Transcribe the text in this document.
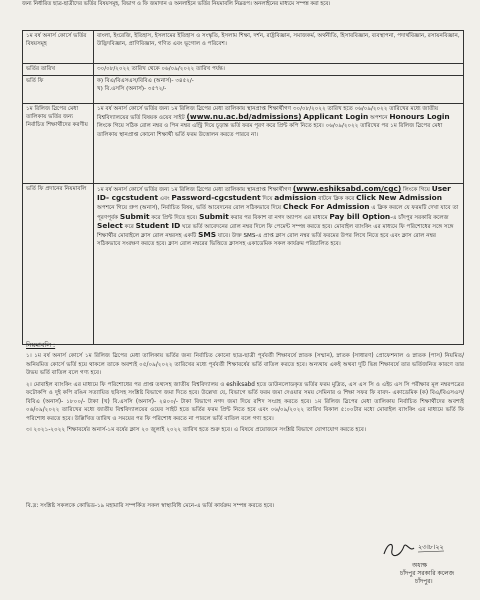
জন্য নির্ধারিত ছাত্র-ছাত্রীদের ভর্তির বিষয়সমূহ, বিভাগ ও ফি জমাদান ও অনলাইনে ভর্তির নিয়মাবলি নিম্নরূপ। অনলাইনের মাধ্যমে সম্পন্ন করা হবে।
১ম বর্ষ অনার্স কোর্সে ভর্তির বিষয়সমূহ	বাংলা, ইংরেজি, ইতিহাস, ইসলামের ইতিহাস ও সংস্কৃতি, ইসলাম শিক্ষা, দর্শন, রাষ্ট্রবিজ্ঞান, সমাজকর্ম, অর্থনীতি, হিসাববিজ্ঞান, ব্যবস্থাপনা, পদার্থবিজ্ঞান, রসায়নবিজ্ঞান, উদ্ভিদবিজ্ঞান, প্রাণিবিজ্ঞান, গণিত এবং ভূগোল ও পরিবেশ।
ভর্তির তারিখ	৩০/০৮/২০২২ তারিখ থেকে ০৬/০৯/২০২২ তারিখ পর্যন্ত।
ভর্তি ফি	ক) বিএ/বিএসএস/বিবিএ (অনার্স)- ৩৪৫২/-
খ) বি.এসসি (অনার্স)- ৩৫৭২/-

১ম রিলিজ স্লিপের মেধা তালিকায় ভর্তির জন্য নির্বাচিত শিক্ষার্থীদের করণীয়	১ম বর্ষ অনার্স কোর্সে ভর্তির জন্য ১ম রিলিজ স্লিপের মেধা তালিকায় স্থানপ্রাপ্ত শিক্ষার্থীগণ ৩০/০৮/২০২২ তারিখ হতে ০৬/০৯/২০২২ তারিখের মধ্যে জাতীয় বিশ্ববিদ্যালয়ের ভর্তি বিষয়ক ওয়েব সাইট (www.nu.ac.bd/admissions) Applicant Login অপশনে Honours Login লিংকে গিয়ে সঠিক রোল নম্বর ও পিন নম্বর এন্ট্রি দিয়ে চূড়ান্ত ভর্তি ফরম পূরণ করে প্রিন্ট কপি নিতে হবে। ০৬/০৯/২০২২ তারিখের পর ১ম রিলিজ স্লিপের মেধা তালিকায় স্থানপ্রাপ্ত কোনো শিক্ষার্থী ভর্তি ফরম উত্তোলন করতে পারবে না।
ভর্তি ফি প্রদানের নিয়মাবলি	১ম বর্ষ অনার্স কোর্সে ভর্তির জন্য ১ম রিলিজ স্লিপের মেধা তালিকায় স্থানপ্রাপ্ত শিক্ষার্থীগণ (www.eshiksabd.com/cgc) লিংকে গিয়ে User ID- cgcstudent এবং Password-cgcstudent দিয়ে admission বাটনে ক্লিক করে Click New Admission অপশনে গিয়ে গ্রুপ (অনার্স), নির্বাচিত বিষয়, ভর্তি আবেদনের রোল সঠিকভাবে দিয়ে Check For Admission এ ক্লিক করলে যে ফরমটি দেখা যাবে তা পূরণপূর্বক Submit করে প্রিন্ট দিতে হবে। Submit করার পর বিকাশ বা নগদ অ্যাপস এর মাধ্যমে Pay bill Option-এ চাঁদপুর সরকারি কলেজ Select করে Student ID ঘরে ভর্তি আবেদনের রোল নম্বর দিলে ফি পেমেন্ট সম্পন্ন করতে হবে। মোবাইল ব্যাংকিং এর মাধ্যমে ফি পরিশোধের সঙ্গে সঙ্গে শিক্ষার্থীর মোবাইলে ক্লাস রোল নম্বরসহ একটি SMS যাবে। উক্ত SMS-এ প্রাপ্ত ক্লাস রোল নম্বর ভর্তি ফরমের উপর লিখে নিতে হবে এবং ক্লাস রোল নম্বর সঠিকভাবে সংরক্ষণ করতে হবে। ক্লাস রোল নম্বরের ভিত্তিতে ক্লাসসহ একাডেমিক সকল কার্যক্রম পরিচালিত হবে।
নিয়মাবলি :

১। ১ম বর্ষ অনার্স কোর্সে ১ম রিলিজ স্লিপের মেধা তালিকায় ভর্তির জন্য নির্বাচিত কোনো ছাত্র-ছাত্রী পূর্ববর্তী শিক্ষাবর্ষে স্নাতক (সম্মান), স্নাতক (সাধারণ) প্রোফেশনাল ও স্নাতক (পাস) নিয়মিত/অনিয়মিত কোর্সে ভর্তি হয়ে থাকলে তাকে অবশ্যই ০৫/০৯/২০২২ তারিখের মধ্যে পূর্ববর্তী শিক্ষাবর্ষের ভর্তি বাতিল করতে হবে। অন্যথায় একই অথবা দুটি ভিন্ন শিক্ষাবর্ষে তার ভর্তিজনিত কারণে তার উভয় ভর্তি বাতিল বলে গণ্য হবে।

২। মোবাইল ব্যাংকিং এর মাধ্যমে ফি পরিশোধের পর প্রাপ্ত তথ্যসহ জাতীয় বিশ্ববিদ্যালয় ও eshiksabd হতে ডাউনলোডকৃত ভর্তির ফরম মুদ্রিত, এস এস সি ও এইচ এস সি পরীক্ষার মূল নম্বরপত্রের ফটোকপি ও দুই কপি রঙিন সত্যায়িত ছবিসহ সংশ্লিষ্ট বিভাগে জমা দিতে হবে। উল্লেখ্য যে, বিভাগে ভর্তি ফরম জমা দেওয়ার সময় সেমিনার ও শিক্ষা সফর ফি বাবদ- একাডেমিক (ক) বিএ/বিএসএস/বিবিএ (অনার্স)- ১৮০০/- টাকা (খ) বি.এসসি (অনার্স)- ২৪০০/- টাকা বিভাগে নগদ জমা দিয়ে রশিদ সংগ্রহ করতে হবে। ১ম রিলিজ স্লিপের মেধা তালিকায় নির্বাচিত শিক্ষার্থীদের অবশ্যই ০৬/০৯/২০২২ তারিখের মধ্যে জাতীয় বিশ্ববিদ্যালয়ের ওয়েব সাইট হতে ভর্তির ফরম প্রিন্ট নিতে হবে এবং ০৬/০৯/২০২২ তারিখ বিকাল ৫:০০টার মধ্যে মোবাইল ব্যাংকিং এর মাধ্যমে ভর্তি ফি পরিশোধ করতে হবে। উল্লিখিত তারিখ ও সময়ের পর ফি পরিশোধ করতে না পারলে ভর্তি বাতিল বলে গণ্য হবে।

৩। ২০২১-২০২২ শিক্ষাবর্ষের অনার্স-১ম বর্ষের ক্লাস ২০ জুলাই ২০২২ তারিখ হতে শুরু হবে। এ বিষয়ে প্রয়োজনে সংশ্লিষ্ট বিভাগে যোগাযোগ করতে হবে।

বি.দ্র: সংশ্লিষ্ট সকলকে কোভিড-১৯ মহামারি সম্পর্কিত সকল স্বাস্থ্যবিধি মেনে-এ ভর্তি কার্যক্রম সম্পন্ন করতে হবে।
২৩।৮।২২
অধ্যক্ষ
চাঁদপুর সরকারি কলেজ
চাঁদপুর।
